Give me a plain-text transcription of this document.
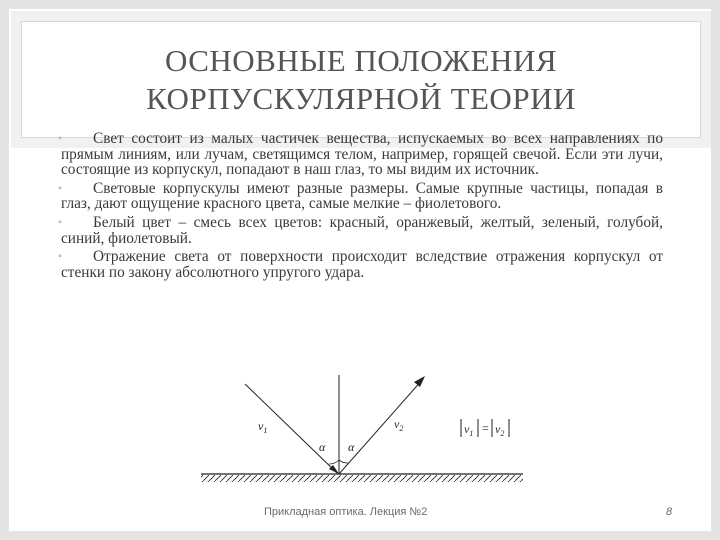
ОСНОВНЫЕ ПОЛОЖЕНИЯ
КОРПУСКУЛЯРНОЙ ТЕОРИИ
•	Свет состоит из малых частичек вещества, испускаемых во всех направлениях по прямым линиям, или лучам, светящимся телом, например, горящей свечой. Если эти лучи, состоящие из корпускул, попадают в наш глаз, то мы видим их источник.
•	Световые корпускулы имеют разные размеры. Самые крупные частицы, попадая в глаз, дают ощущение красного цвета, самые мелкие – фиолетового.
•	Белый цвет – смесь всех цветов: красный, оранжевый, желтый, зеленый, голубой, синий, фиолетовый.
•	Отражение света от поверхности происходит вследствие отражения корпускул от стенки по закону абсолютного упругого удара.
$v_1$	$v_2$
α α
$v_1 = v_2$
Прикладная оптика. Лекция №2	8
